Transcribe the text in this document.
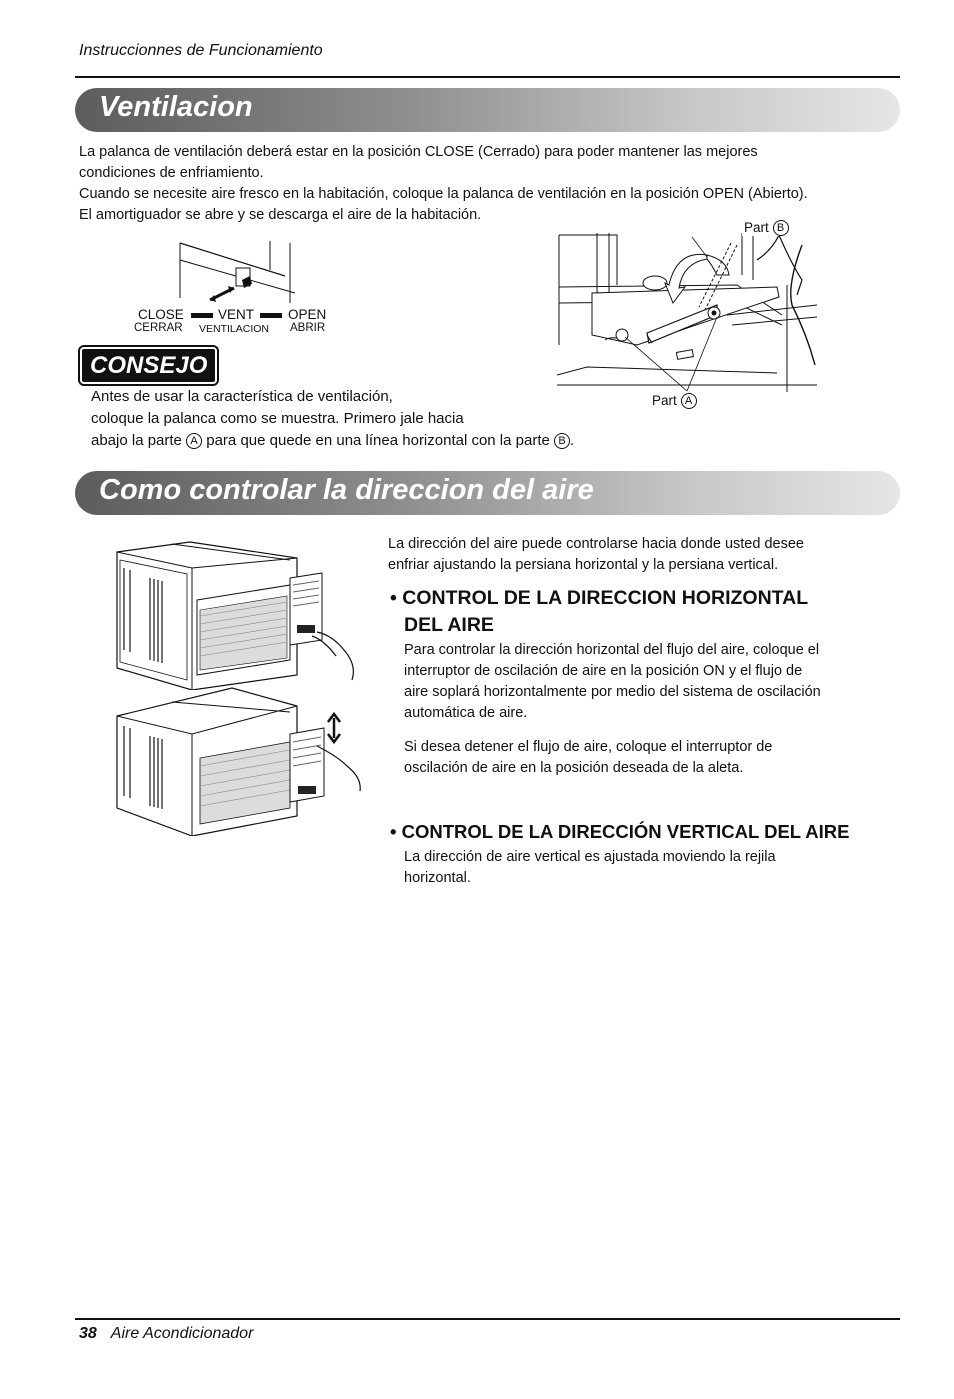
Instruccionnes de Funcionamiento
Ventilacion
La palanca de ventilación deberá estar en la posición CLOSE (Cerrado) para poder mantener las mejores
condiciones de enfriamiento.
Cuando se necesite aire fresco en la habitación, coloque la palanca de ventilación en la posición OPEN (Abierto).
El amortiguador se abre y se descarga el aire de la habitación.
CLOSE	VENT	OPEN
CERRAR VENTILACION ABRIR
Part B
Part A
CONSEJO
Antes de usar la característica de ventilación,
coloque la palanca como se muestra. Primero jale hacia
abajo la parte A para que quede en una línea horizontal con la parte B .
Como controlar la direccion del aire
La dirección del aire puede controlarse hacia donde usted desee
enfriar ajustando la persiana horizontal y la persiana vertical.
• CONTROL DE LA DIRECCION HORIZONTAL
DEL AIRE
Para controlar la dirección horizontal del flujo del aire, coloque el
interruptor de oscilación de aire en la posición ON y el flujo de
aire soplará horizontalmente por medio del sistema de oscilación
automática de aire.
Si desea detener el flujo de aire, coloque el interruptor de
oscilación de aire en la posición deseada de la aleta.
• CONTROL DE LA DIRECCIÓN VERTICAL DEL AIRE
La dirección de aire vertical es ajustada moviendo la rejila
horizontal.
38 Aire Acondicionador
